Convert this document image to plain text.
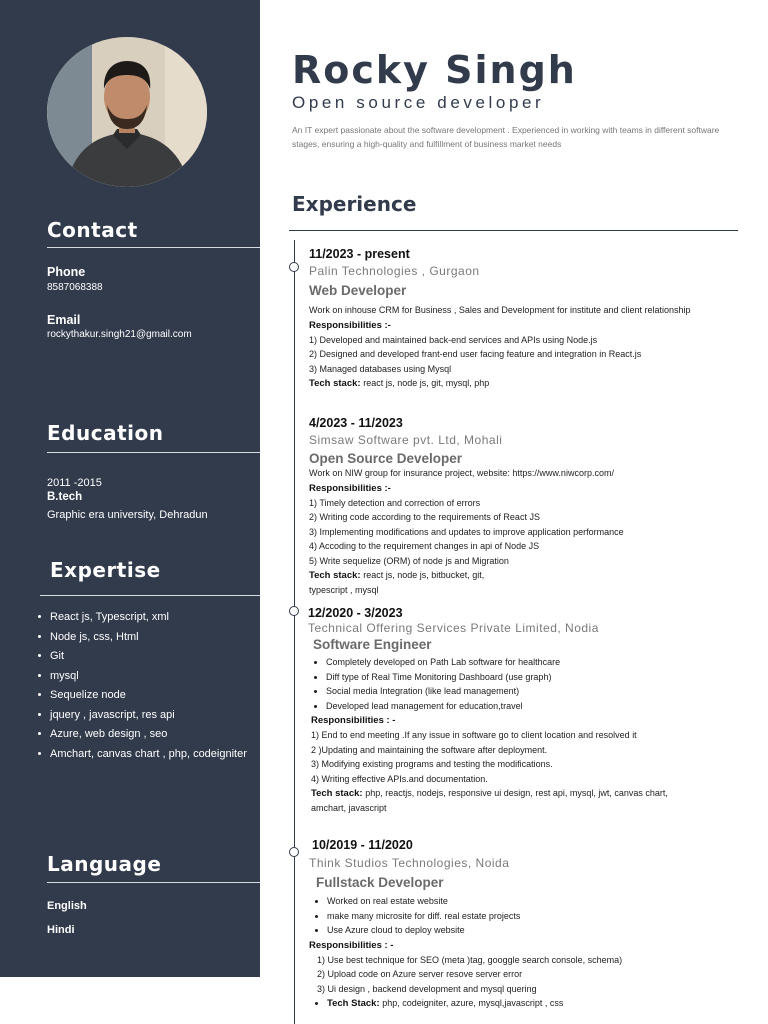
Contact
Phone
8587068388
Email
rockythakur.singh21@gmail.com
Education
2011 -2015
B.tech
Graphic era university, Dehradun
Expertise
React js, Typescript, xml
Node js, css, Html
Git
mysql
Sequelize node
jquery , javascript, res api
Azure, web design , seo
Amchart, canvas chart , php, codeigniter
Language
English
Hindi
Rocky Singh
Open source developer
An IT expert passionate about the software development . Experienced in working with teams in different software stages, ensuring a high-quality and fulfillment of business market needs
Experience
11/2023 - present
Palin Technologies , Gurgaon
Web Developer
Work on inhouse CRM for Business , Sales and Development for institute and client relationship
Responsibilities :-
1) Developed and maintained back-end services and APIs using Node.js
2) Designed and developed frant-end user facing feature and integration in React.js
3) Managed databases using Mysql
Tech stack: react js, node js, git, mysql, php
4/2023 - 11/2023
Simsaw Software pvt. Ltd, Mohali
Open Source Developer
Work on NIW group for insurance project, website: https://www.niwcorp.com/
Responsibilities :-
1) Timely detection and correction of errors
2) Writing code according to the requirements of React JS
3) Implementing modifications and updates to improve application performance
4) Accoding to the requirement changes in api of Node JS
5) Write sequelize (ORM) of node js and Migration
Tech stack: react js, node js, bitbucket, git,
typescript , mysql
12/2020 - 3/2023
Technical Offering Services Private Limited, Nodia
Software Engineer
Completely developed on Path Lab software for healthcare
Diff type of Real Time Monitoring Dashboard (use graph)
Social media Integration (like lead management)
Developed lead management for education,travel
Responsibilities : -
1) End to end meeting .If any issue in software go to client location and resolved it
2 )Updating and maintaining the software after deployment.
3) Modifying existing programs and testing the modifications.
4) Writing effective APIs.and documentation.
Tech stack: php, reactjs, nodejs, responsive ui design, rest api, mysql, jwt, canvas chart,
amchart, javascript
10/2019 - 11/2020
Think Studios Technologies, Noida
Fullstack Developer
Worked on real estate website
make many microsite for diff. real estate projects
Use Azure cloud to deploy website
Responsibilities : -
1) Use best technique for SEO (meta )tag, googgle search console, schema)
2) Upload code on Azure server resove server error
3) Ui design , backend development and mysql quering
Tech Stack: php, codeigniter, azure, mysql,javascript , css
